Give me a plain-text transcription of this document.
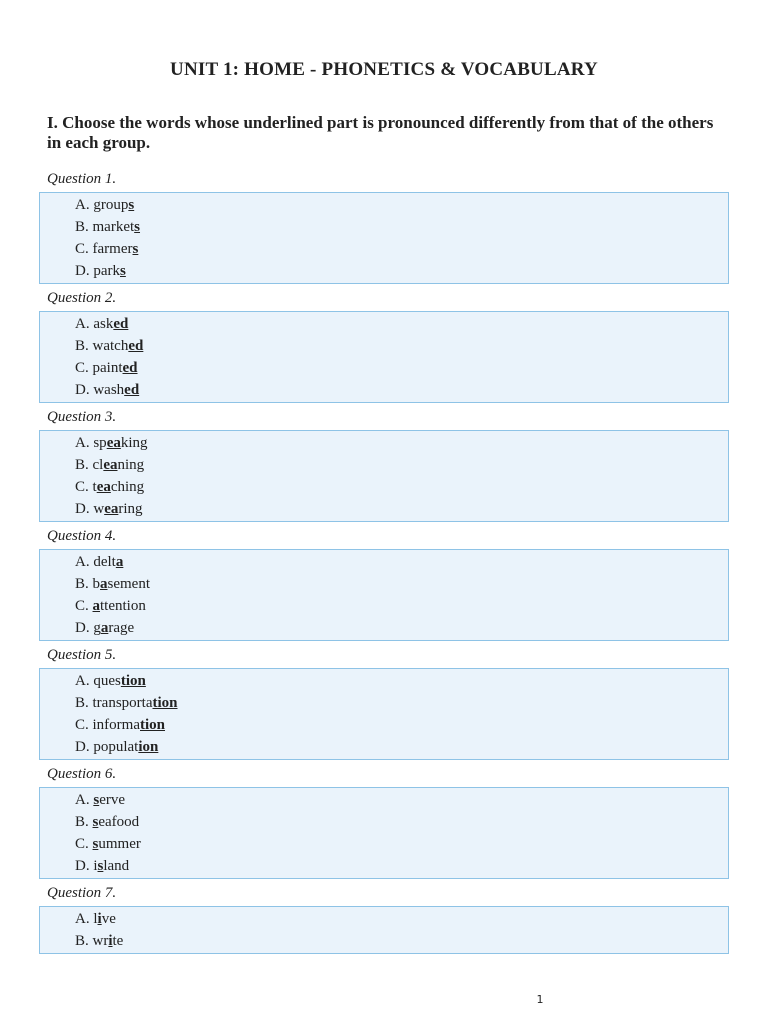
UNIT 1: HOME - PHONETICS & VOCABULARY
I. Choose the words whose underlined part is pronounced differently from that of the others in each group.
Question 1.
A. groups
B. markets
C. farmers
D. parks
Question 2.
A. asked
B. watched
C. painted
D. washed
Question 3.
A. speaking
B. cleaning
C. teaching
D. wearing
Question 4.
A. delta
B. basement
C. attention
D. garage
Question 5.
A. question
B. transportation
C. information
D. population
Question 6.
A. serve
B. seafood
C. summer
D. island
Question 7.
A. live
B. write
1
